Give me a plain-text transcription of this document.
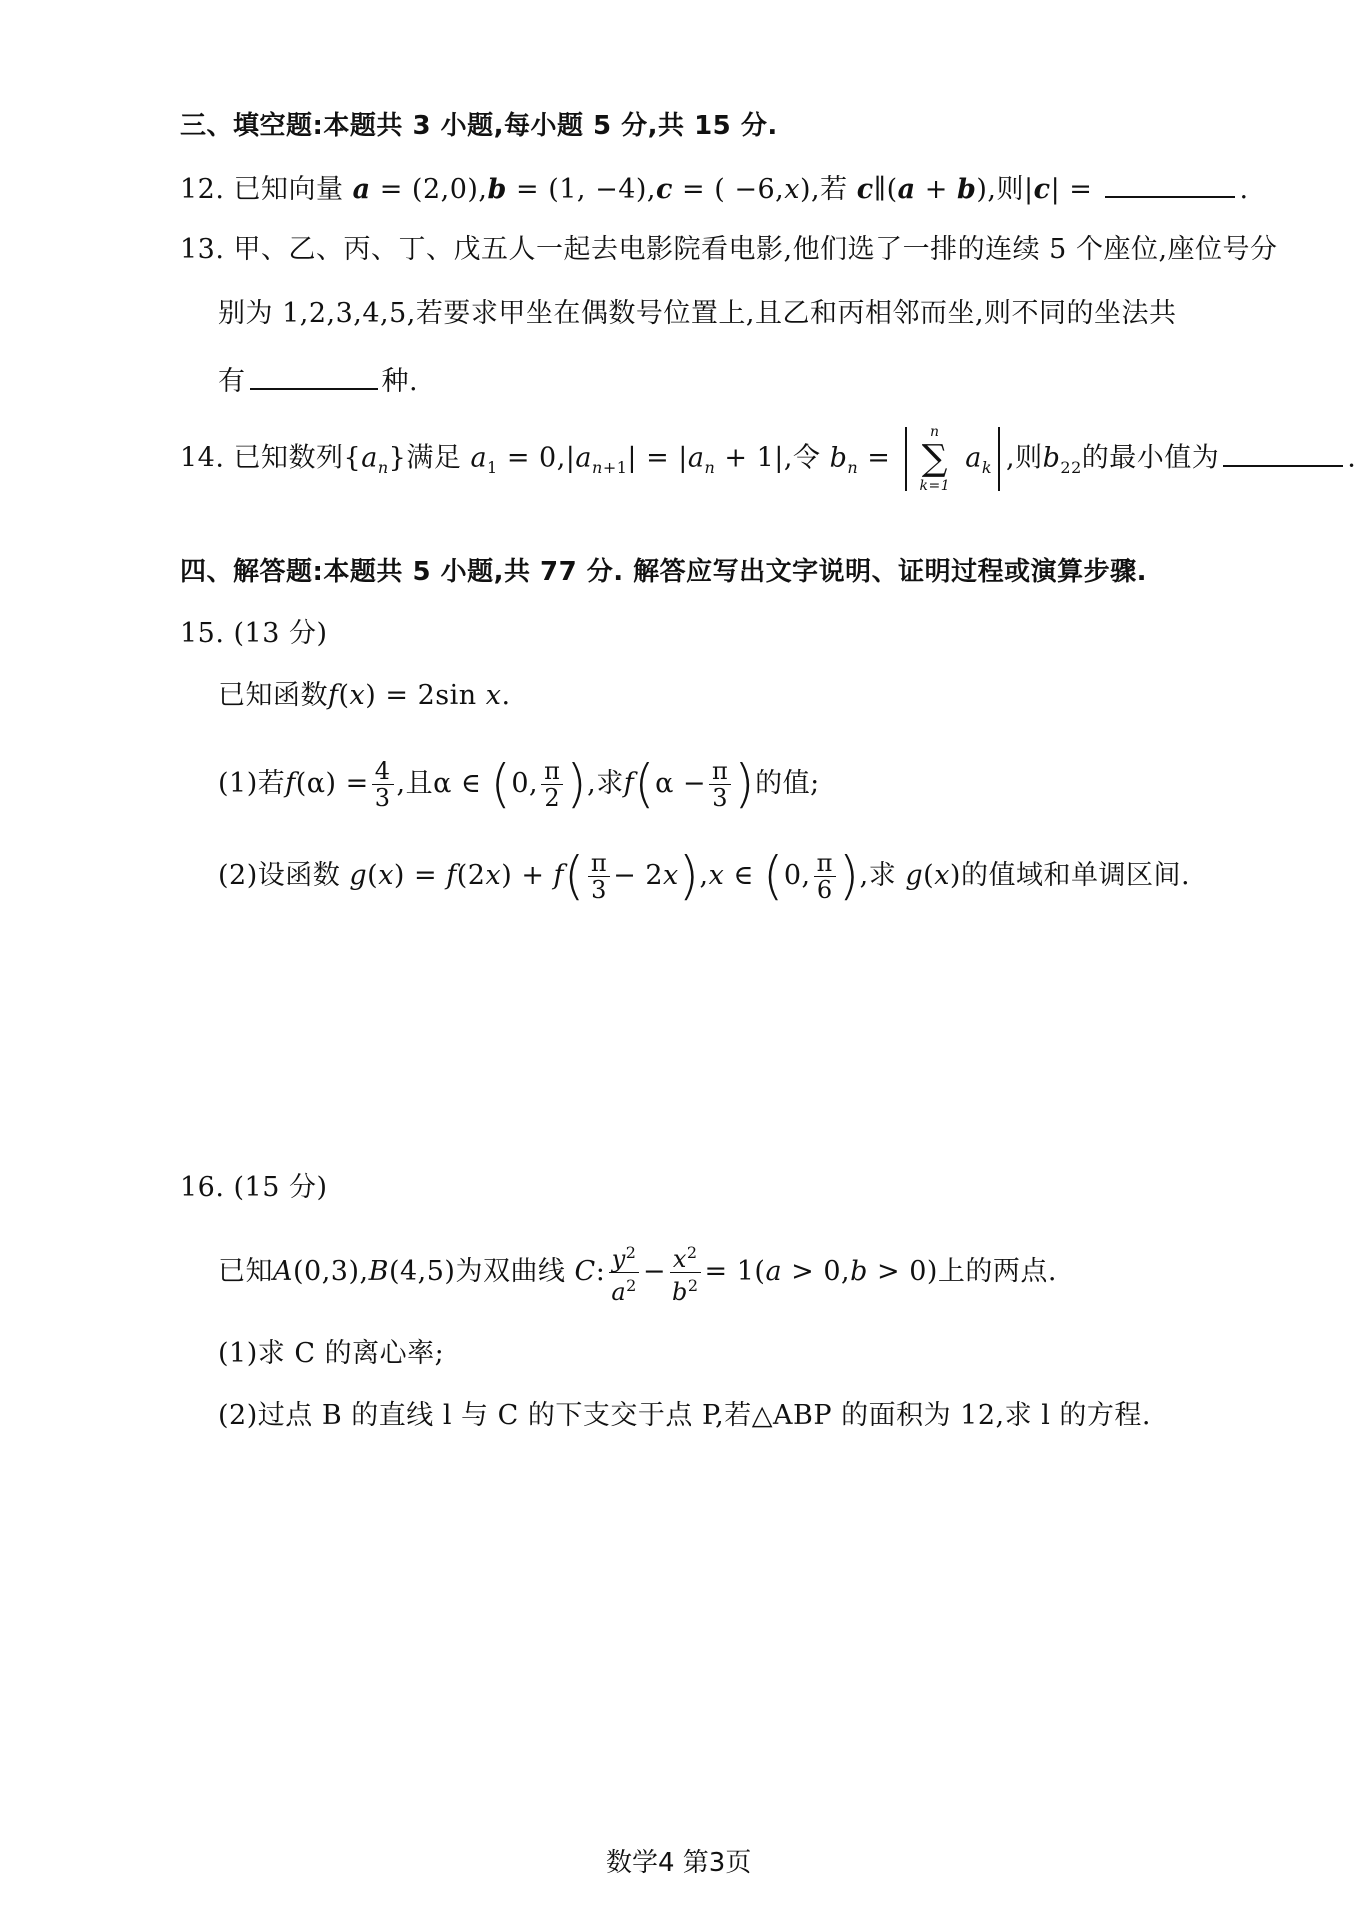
三、填空题:本题共 3 小题,每小题 5 分,共 15 分.
12. 已知向量 a = (2,0),b = (1, −4),c = ( −6,x),若 c∥(a + b),则|c| =	.
13. 甲、乙、丙、丁、戊五人一起去电影院看电影,他们选了一排的连续 5 个座位,座位号分
别为 1,2,3,4,5,若要求甲坐在偶数号位置上,且乙和丙相邻而坐,则不同的坐法共
有	种.
14. 已知数列$\{a_n\}$满足 $a_1 = 0,|a_{n+1}| = |a_n + 1|$,令 $b_n$ =
n
∑
k=1
$a_k$ ,则$b_{22}$的最小值为	.
四、解答题:本题共 5 小题,共 77 分. 解答应写出文字说明、证明过程或演算步骤.
15. (13 分)
已知函数f(x) = 2sin x.
(1)若$f(\alpha) = \frac{4}{3}$ ,且α ∈ (0, $\frac{\pi}{2}$ ),求$f(\alpha - \frac{\pi}{3}$ )的值;
(2)设函数 $g(x) = f(2x) + f( \frac{\pi}{3} - 2x),x$ ∈ (0, $\frac{\pi}{6}$ ),求 g(x)的值域和单调区间.
16. (15 分)
已知A(0,3),B(4,5)为双曲线 C: $\frac{y^2}{a^2} - \frac{x^2}{b^2} = 1(a > 0,b > 0)$上的两点.
(1)求 C 的离心率;
(2)过点 B 的直线 l 与 C 的下支交于点 P,若△ABP 的面积为 12,求 l 的方程.
数学4 第3页
